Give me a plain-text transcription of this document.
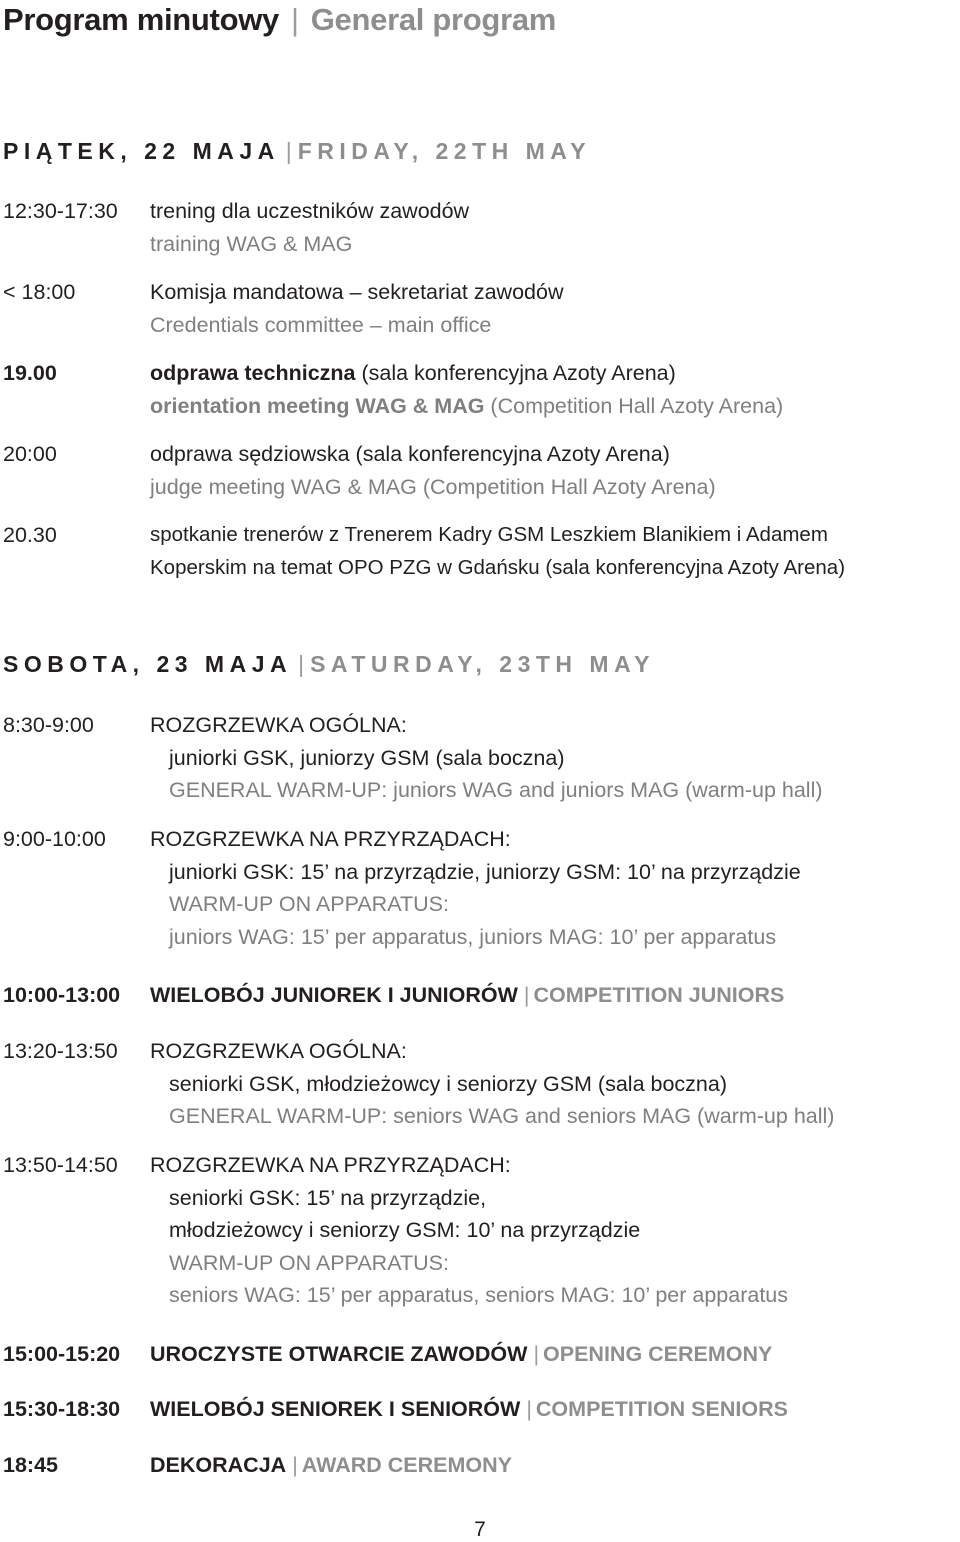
Program minutowy | General program
PIĄTEK, 22 MAJA | FRIDAY, 22TH MAY
12:30-17:30 trening dla uczestników zawodów
training WAG & MAG
< 18:00	Komisja mandatowa – sekretariat zawodów
Credentials committee – main office
19.00	odprawa techniczna (sala konferencyjna Azoty Arena)
orientation meeting WAG & MAG (Competition Hall Azoty Arena)
20:00	odprawa sędziowska (sala konferencyjna Azoty Arena)
judge meeting WAG & MAG (Competition Hall Azoty Arena)
20.30	spotkanie trenerów z Trenerem Kadry GSM Leszkiem Blanikiem i Adamem
Koperskim na temat OPO PZG w Gdańsku (sala konferencyjna Azoty Arena)
SOBOTA, 23 MAJA | SATURDAY, 23TH MAY
8:30-9:00	ROZGRZEWKA OGÓLNA:
juniorki GSK, juniorzy GSM (sala boczna)
GENERAL WARM-UP: juniors WAG and juniors MAG (warm-up hall)
9:00-10:00 ROZGRZEWKA NA PRZYRZĄDACH:
juniorki GSK: 15’ na przyrządzie, juniorzy GSM: 10’ na przyrządzie
WARM-UP ON APPARATUS:
juniors WAG: 15’ per apparatus, juniors MAG: 10’ per apparatus
10:00-13:00 WIELOBÓJ JUNIOREK I JUNIORÓW | COMPETITION JUNIORS
13:20-13:50 ROZGRZEWKA OGÓLNA:
seniorki GSK, młodzieżowcy i seniorzy GSM (sala boczna)
GENERAL WARM-UP: seniors WAG and seniors MAG (warm-up hall)
13:50-14:50 ROZGRZEWKA NA PRZYRZĄDACH:
seniorki GSK: 15’ na przyrządzie,
młodzieżowcy i seniorzy GSM: 10’ na przyrządzie
WARM-UP ON APPARATUS:
seniors WAG: 15’ per apparatus, seniors MAG: 10’ per apparatus
15:00-15:20 UROCZYSTE OTWARCIE ZAWODÓW | OPENING CEREMONY
15:30-18:30 WIELOBÓJ SENIOREK I SENIORÓW | COMPETITION SENIORS
18:45	DEKORACJA | AWARD CEREMONY
7
